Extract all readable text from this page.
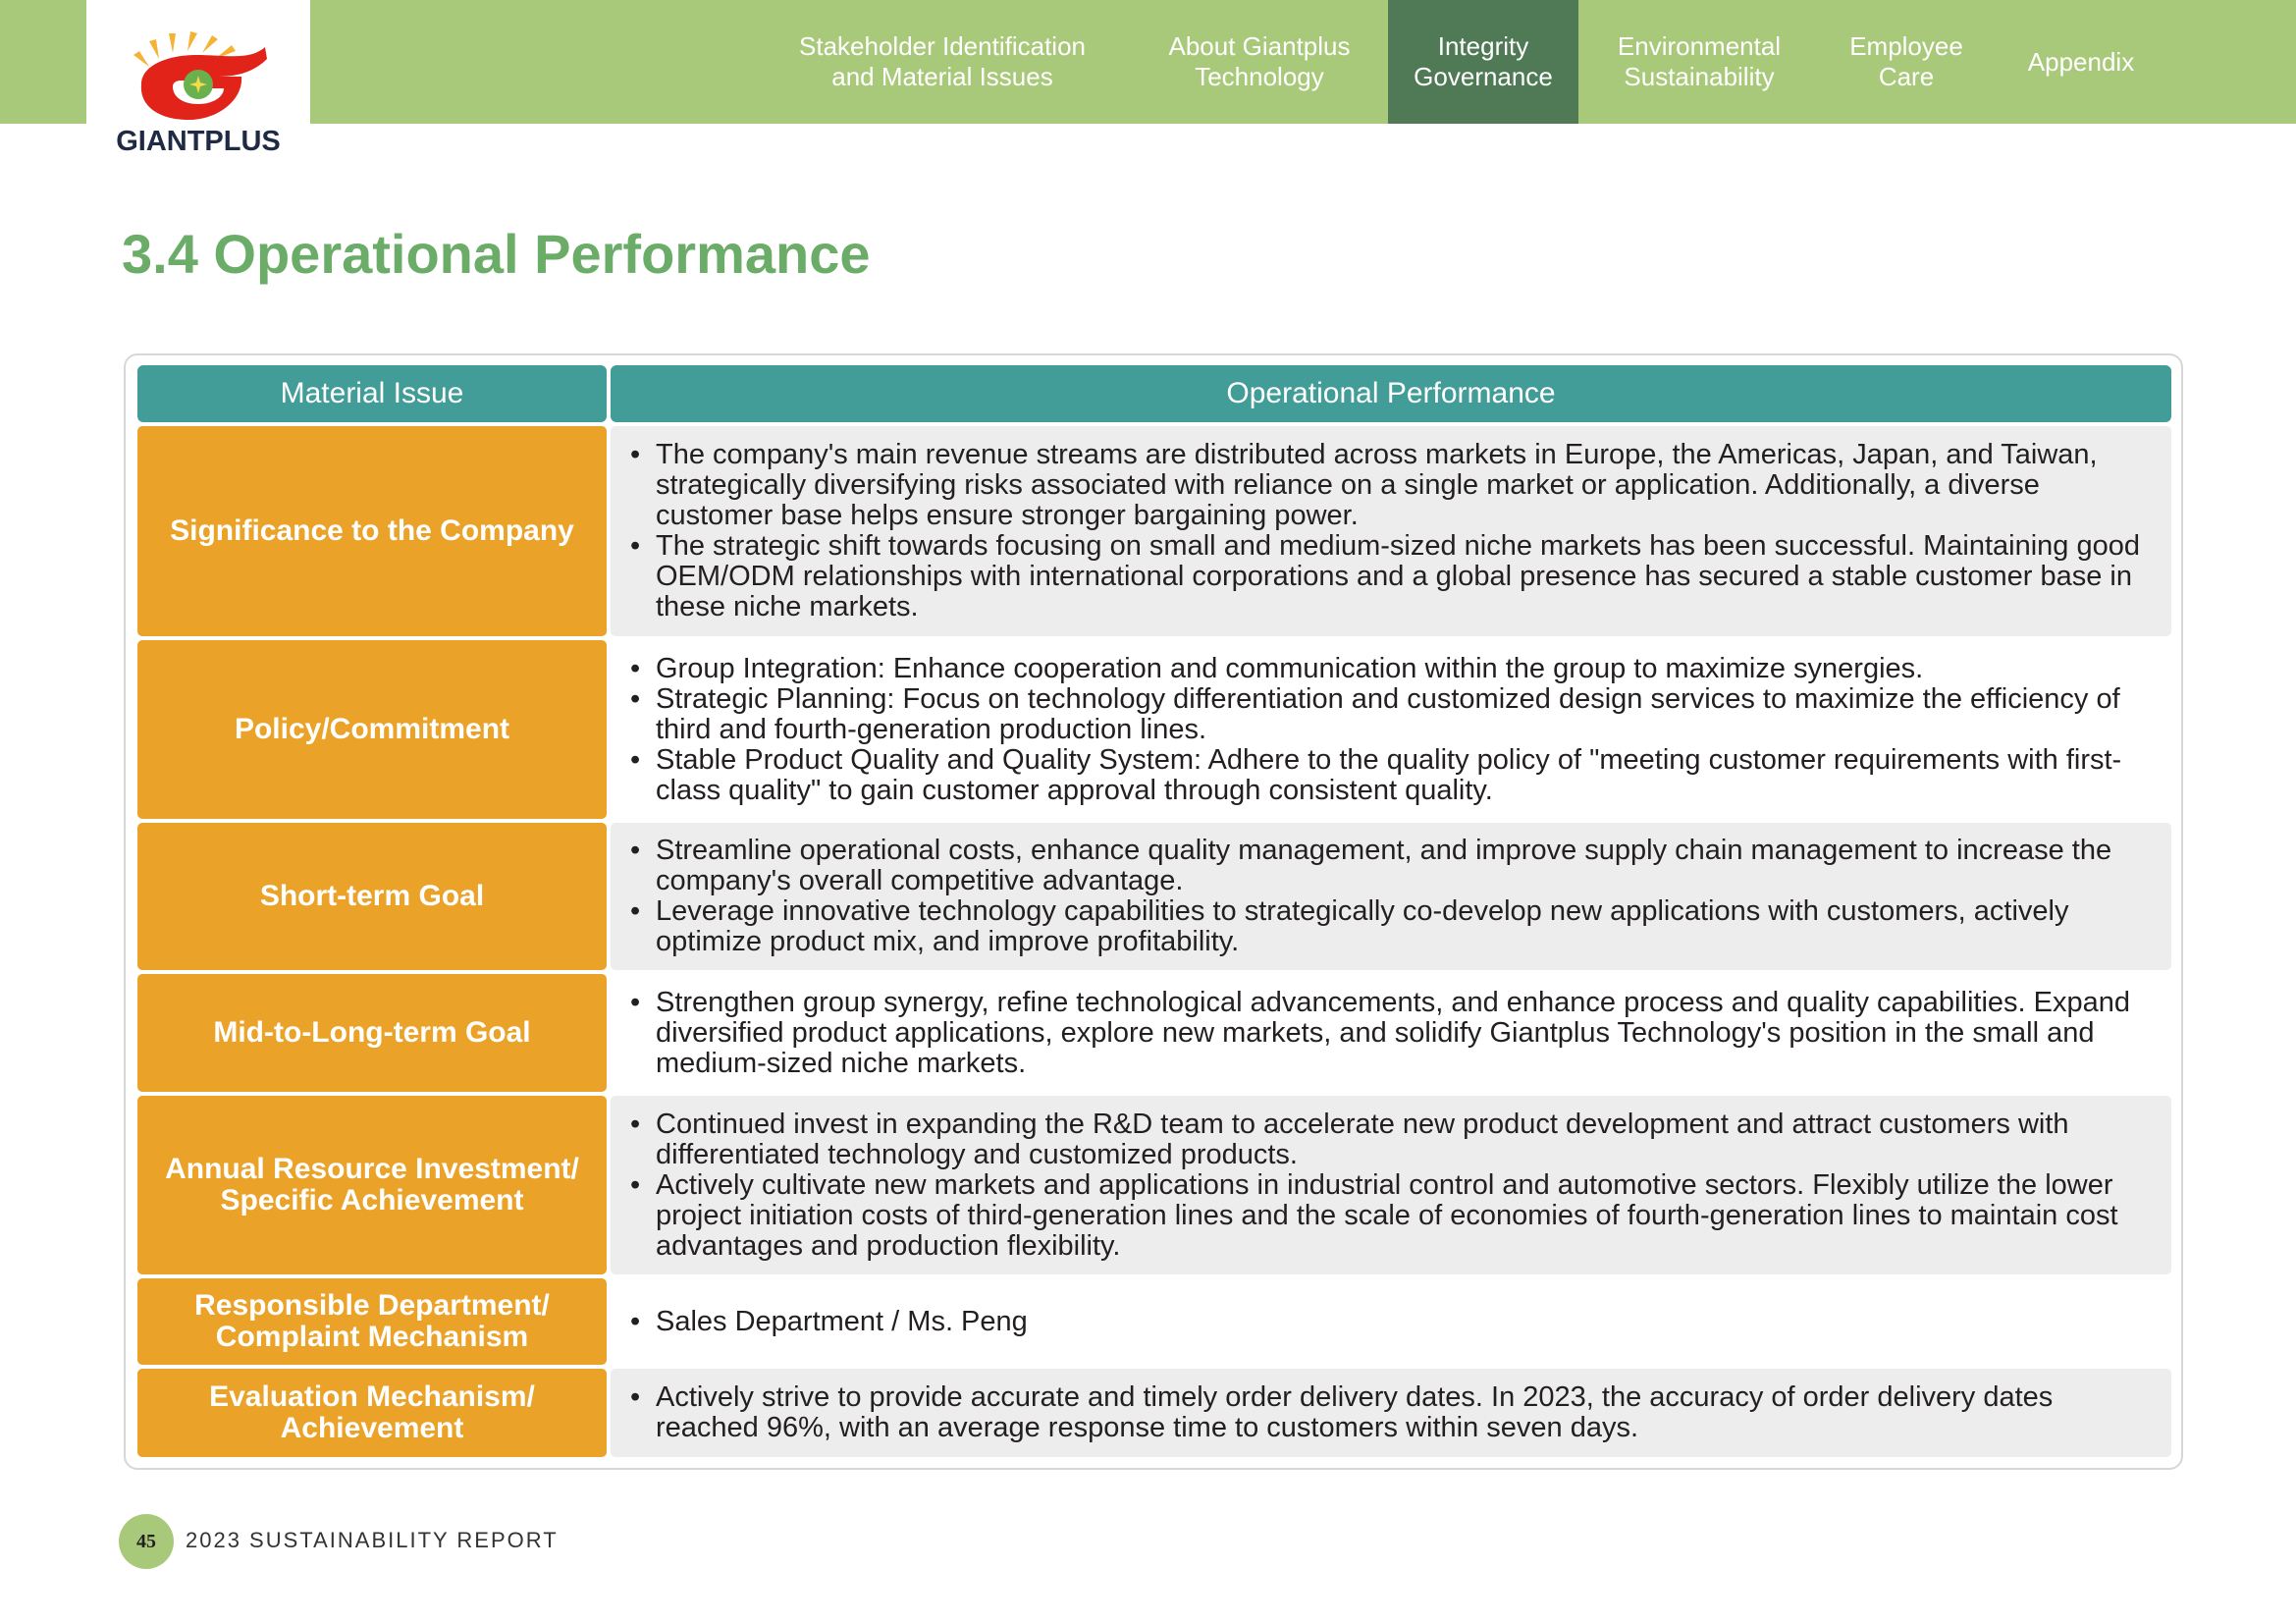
GIANTPLUS
Stakeholder Identification
and Material Issues
About Giantplus
Technology
Integrity
Governance
Environmental
Sustainability
Employee
Care
Appendix
3.4 Operational Performance
Material Issue	Operational Performance
Significance to the Company
• The company's main revenue streams are distributed across markets in Europe, the Americas, Japan, and Taiwan, strategically diversifying risks associated with reliance on a single market or application. Additionally, a diverse customer base helps ensure stronger bargaining power.
• The strategic shift towards focusing on small and medium-sized niche markets has been successful. Maintaining good OEM/ODM relationships with international corporations and a global presence has secured a stable customer base in these niche markets.
Policy/Commitment
• Group Integration: Enhance cooperation and communication within the group to maximize synergies.
• Strategic Planning: Focus on technology differentiation and customized design services to maximize the efficiency of third and fourth-generation production lines.
• Stable Product Quality and Quality System: Adhere to the quality policy of "meeting customer requirements with first-class quality" to gain customer approval through consistent quality.
Short-term Goal
• Streamline operational costs, enhance quality management, and improve supply chain management to increase the company's overall competitive advantage.
• Leverage innovative technology capabilities to strategically co-develop new applications with customers, actively optimize product mix, and improve profitability.
Mid-to-Long-term Goal
• Strengthen group synergy, refine technological advancements, and enhance process and quality capabilities. Expand diversified product applications, explore new markets, and solidify Giantplus Technology's position in the small and medium-sized niche markets.
Annual Resource Investment/ Specific Achievement
• Continued invest in expanding the R&D team to accelerate new product development and attract customers with differentiated technology and customized products.
• Actively cultivate new markets and applications in industrial control and automotive sectors. Flexibly utilize the lower project initiation costs of third-generation lines and the scale of economies of fourth-generation lines to maintain cost advantages and production flexibility.
Responsible Department/ Complaint Mechanism
•	Sales Department / Ms. Peng
Evaluation Mechanism/ Achievement
• Actively strive to provide accurate and timely order delivery dates. In 2023, the accuracy of order delivery dates reached 96%, with an average response time to customers within seven days.
45	2023 SUSTAINABILITY REPORT
